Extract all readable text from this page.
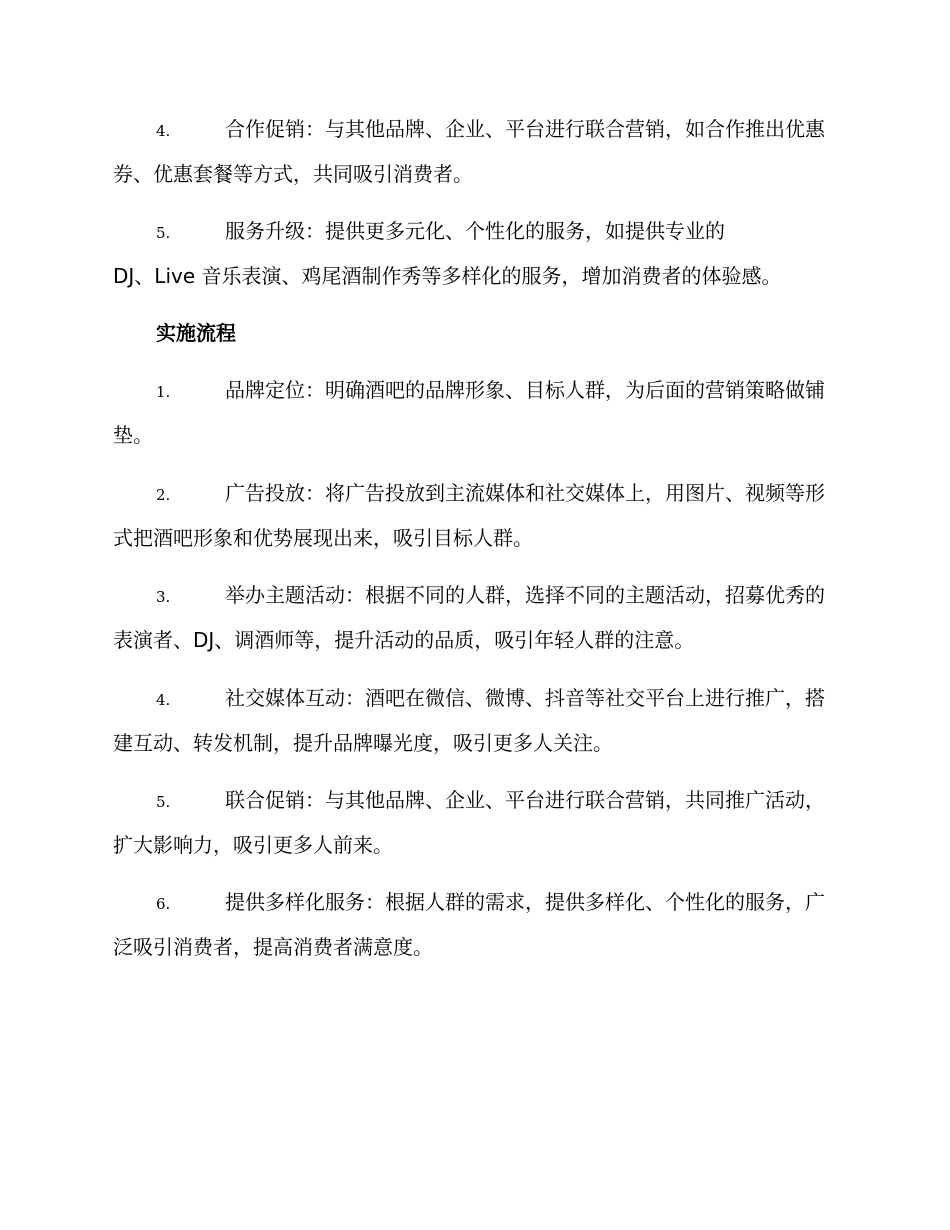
4.	合作促销：与其他品牌、企业、平台进行联合营销，如合作推出优惠券、优惠套餐等方式，共同吸引消费者。

5.	服务升级：提供更多元化、个性化的服务，如提供专业的
DJ、Live 音乐表演、鸡尾酒制作秀等多样化的服务，增加消费者的体验感。

实施流程

1.	品牌定位：明确酒吧的品牌形象、目标人群，为后面的营销策略做铺垫。

2.	广告投放：将广告投放到主流媒体和社交媒体上，用图片、视频等形式把酒吧形象和优势展现出来，吸引目标人群。

3.	举办主题活动：根据不同的人群，选择不同的主题活动，招募优秀的表演者、DJ、调酒师等，提升活动的品质，吸引年轻人群的注意。

4.	社交媒体互动：酒吧在微信、微博、抖音等社交平台上进行推广，搭建互动、转发机制，提升品牌曝光度，吸引更多人关注。

5.	联合促销：与其他品牌、企业、平台进行联合营销，共同推广活动，扩大影响力，吸引更多人前来。

6.	提供多样化服务：根据人群的需求，提供多样化、个性化的服务，广泛吸引消费者，提高消费者满意度。
